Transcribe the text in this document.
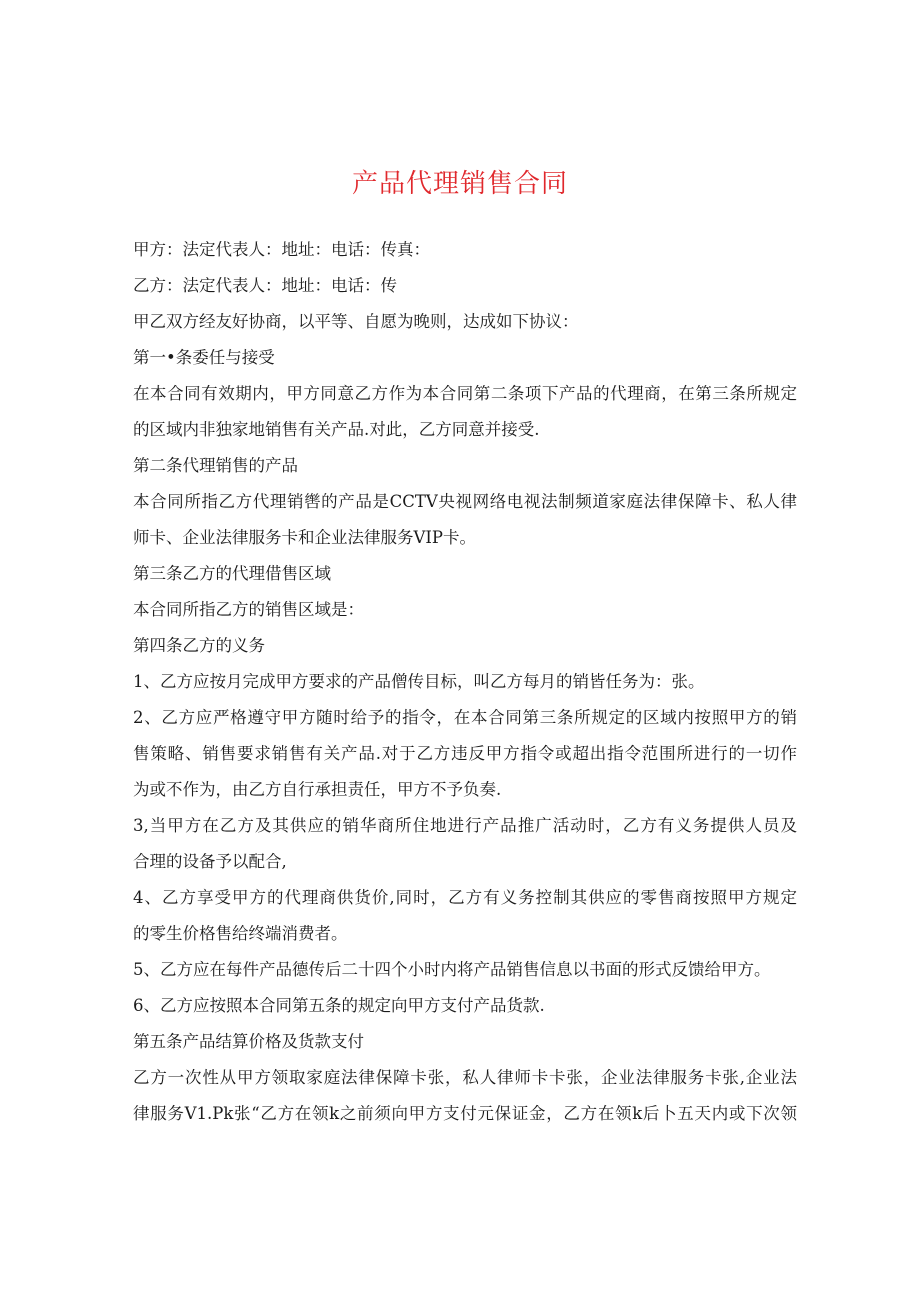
产品代理销售合同
甲方：法定代表人：地址：电话：传真：
乙方：法定代表人：地址：电话：传
甲乙双方经友好协商，以平等、自愿为晚则，达成如下协议：
第一•条委任与接受
在本合同有效期内，甲方同意乙方作为本合同第二条项下产品的代理商，在第三条所规定
的区域内非独家地销售有关产品.对此，乙方同意并接受.
第二条代理销售的产品
本合同所指乙方代理销辔的产品是CCTV央视网络电视法制频道家庭法律保障卡、私人律
师卡、企业法律服务卡和企业法律服务VIP卡。
第三条乙方的代理借售区域
本合同所指乙方的销售区域是：
第四条乙方的义务
1、乙方应按月完成甲方要求的产品僧传目标，叫乙方每月的销皆任务为：张。
2、乙方应严格遵守甲方随时给予的指令，在本合同第三条所规定的区域内按照甲方的销
售策略、销售要求销售有关产品.对于乙方违反甲方指令或超出指令范围所进行的一切作
为或不作为，由乙方自行承担责任，甲方不予负奏.
3,当甲方在乙方及其供应的销华商所住地进行产品推广活动时，乙方有义务提供人员及
合理的设备予以配合,
4、乙方享受甲方的代理商供货价,同时，乙方有义务控制其供应的零售商按照甲方规定
的零生价格售给终端消费者。
5、乙方应在每件产品德传后二十四个小时内将产品销售信息以书面的形式反馈给甲方。
6、乙方应按照本合同第五条的规定向甲方支付产品货款.
第五条产品结算价格及货款支付
乙方一次性从甲方领取家庭法律保障卡张，私人律师卡卡张，企业法律服务卡张,企业法
律服务V1.Pk张“乙方在领k之前须向甲方支付元保证金，乙方在领k后卜五天内或下次领
